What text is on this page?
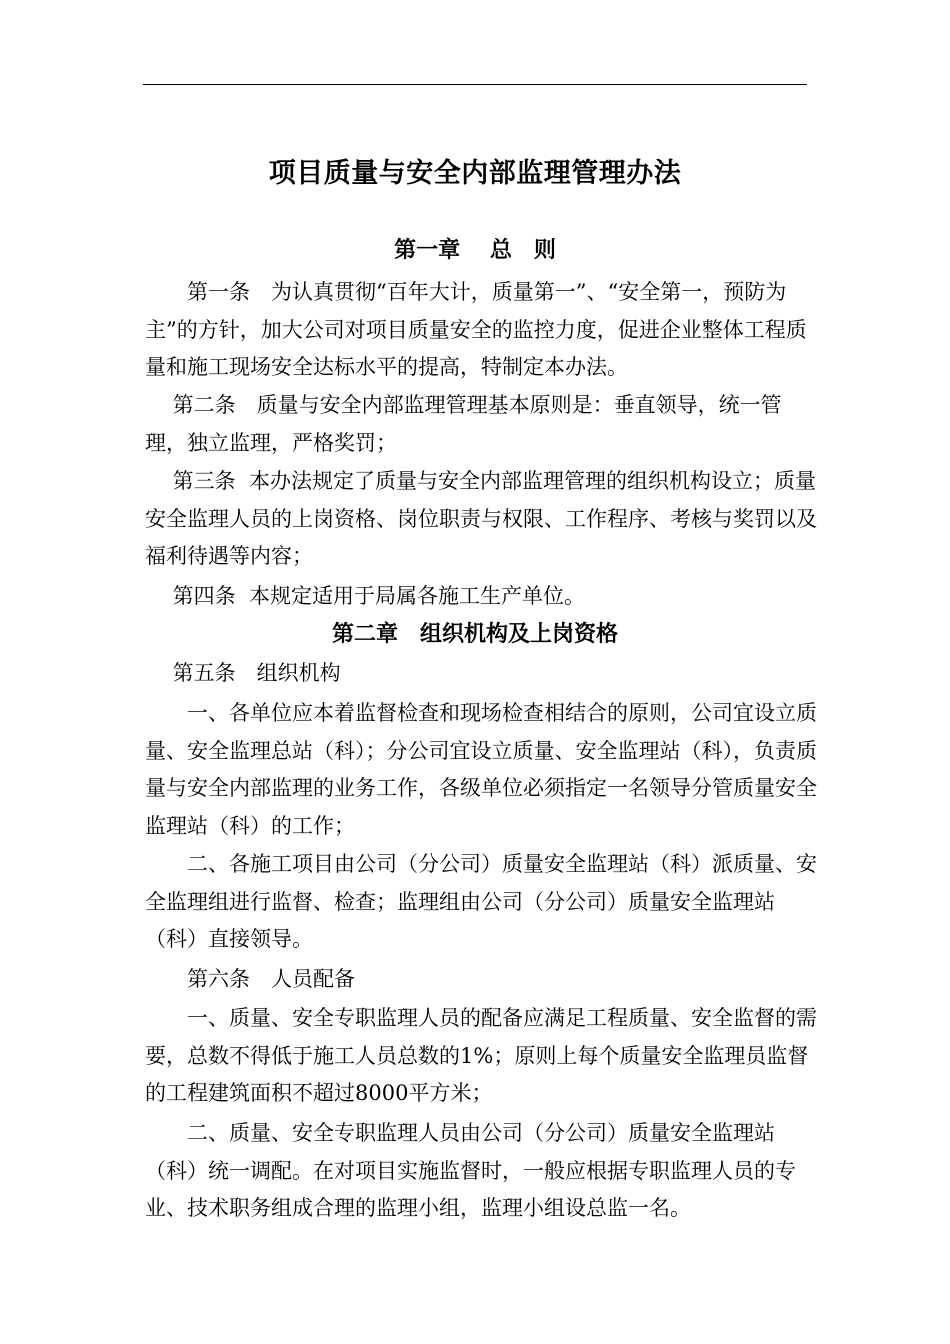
项目质量与安全内部监理管理办法
第一章　 总　则

　　第一条　为认真贯彻“百年大计，质量第一”、“安全第一，预防为主”的方针，加大公司对项目质量安全的监控力度，促进企业整体工程质量和施工现场安全达标水平的提高，特制定本办法。

　 第二条　质量与安全内部监理管理基本原则是：垂直领导，统一管理，独立监理，严格奖罚；

　 第三条  本办法规定了质量与安全内部监理管理的组织机构设立；质量安全监理人员的上岗资格、岗位职责与权限、工作程序、考核与奖罚以及福利待遇等内容；

　 第四条  本规定适用于局属各施工生产单位。

第二章　组织机构及上岗资格

　 第五条　组织机构

　　一、各单位应本着监督检查和现场检查相结合的原则，公司宜设立质量、安全监理总站（科）；分公司宜设立质量、安全监理站（科），负责质量与安全内部监理的业务工作，各级单位必须指定一名领导分管质量安全监理站（科）的工作；

　　二、各施工项目由公司（分公司）质量安全监理站（科）派质量、安全监理组进行监督、检查；监理组由公司（分公司）质量安全监理站（科）直接领导。

　　第六条　人员配备

　　一、质量、安全专职监理人员的配备应满足工程质量、安全监督的需要，总数不得低于施工人员总数的1%；原则上每个质量安全监理员监督的工程建筑面积不超过8000平方米；

　　二、质量、安全专职监理人员由公司（分公司）质量安全监理站（科）统一调配。在对项目实施监督时，一般应根据专职监理人员的专业、技术职务组成合理的监理小组，监理小组设总监一名。
